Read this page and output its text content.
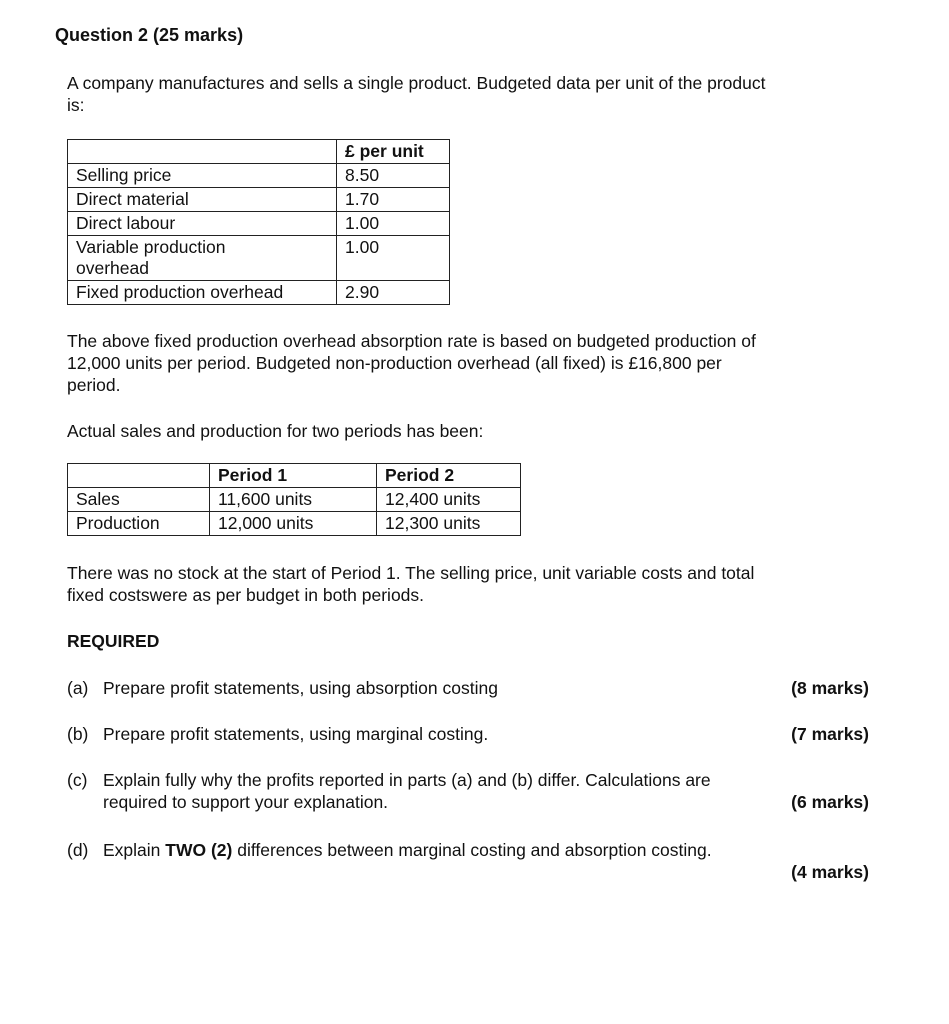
Question 2 (25 marks)
A company manufactures and sells a single product. Budgeted data per unit of the product
is:
	£ per unit
Selling price	8.50
Direct material	1.70
Direct labour	1.00

Variable production
overhead	1.00
Fixed production overhead	2.90
The above fixed production overhead absorption rate is based on budgeted production of
12,000 units per period. Budgeted non-production overhead (all fixed) is £16,800 per
period.
Actual sales and production for two periods has been:
	Period 1	Period 2
Sales	11,600 units	12,400 units
Production	12,000 units	12,300 units
There was no stock at the start of Period 1. The selling price, unit variable costs and total
fixed costswere as per budget in both periods.
REQUIRED
(a) Prepare profit statements, using absorption costing	(8 marks)
(b) Prepare profit statements, using marginal costing.	(7 marks)
(c) Explain fully why the profits reported in parts (a) and (b) differ. Calculations are
required to support your explanation.	(6 marks)
(d) Explain TWO (2) differences between marginal costing and absorption costing.
(4 marks)
